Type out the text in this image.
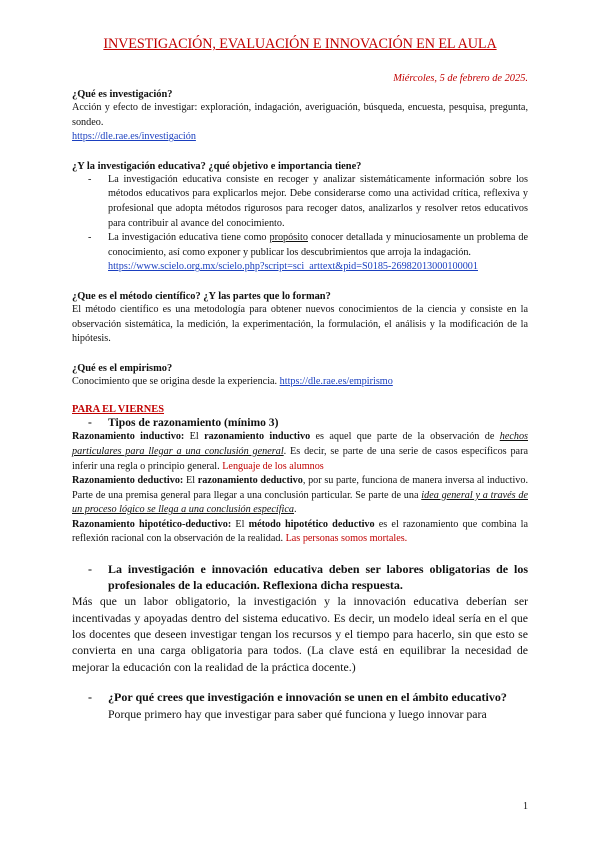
INVESTIGACIÓN, EVALUACIÓN E INNOVACIÓN EN EL AULA
Miércoles, 5 de febrero de 2025.
¿Qué es investigación?

Acción y efecto de investigar: exploración, indagación, averiguación, búsqueda, encuesta, pesquisa, pregunta, sondeo.

https://dle.rae.es/investigación

¿Y la investigación educativa? ¿qué objetivo e importancia tiene?
- La investigación educativa consiste en recoger y analizar sistemáticamente información sobre los métodos educativos para explicarlos mejor. Debe considerarse como una actividad crítica, reflexiva y profesional que adopta métodos rigurosos para recoger datos, analizarlos y resolver retos educativos para contribuir al avance del conocimiento.
- La investigación educativa tiene como propósito conocer detallada y minuciosamente un problema de conocimiento, así como exponer y publicar los descubrimientos que arroja la indagación.
https://www.scielo.org.mx/scielo.php?script=sci_arttext&pid=S0185-26982013000100001
¿Que es el método científico? ¿Y las partes que lo forman?

El método científico es una metodología para obtener nuevos conocimientos de la ciencia y consiste en la observación sistemática, la medición, la experimentación, la formulación, el análisis y la modificación de la hipótesis.

¿Qué es el empirismo?

Conocimiento que se origina desde la experiencia. https://dle.rae.es/empirismo

PARA EL VIERNES
- Tipos de razonamiento (mínimo 3)

Razonamiento inductivo: El razonamiento inductivo es aquel que parte de la observación de hechos particulares para llegar a una conclusión general. Es decir, se parte de una serie de casos específicos para inferir una regla o principio general. Lenguaje de los alumnos

Razonamiento deductivo: El razonamiento deductivo, por su parte, funciona de manera inversa al inductivo. Parte de una premisa general para llegar a una conclusión particular. Se parte de una idea general y a través de un proceso lógico se llega a una conclusión específica.

Razonamiento hipotético-deductivo: El método hipotético deductivo es el razonamiento que combina la reflexión racional con la observación de la realidad. Las personas somos mortales.

- La investigación e innovación educativa deben ser labores obligatorias de los profesionales de la educación. Reflexiona dicha respuesta.

Más que un labor obligatorio, la investigación y la innovación educativa deberían ser incentivadas y apoyadas dentro del sistema educativo. Es decir, un modelo ideal sería en el que los docentes que deseen investigar tengan los recursos y el tiempo para hacerlo, sin que esto se convierta en una carga obligatoria para todos. (La clave está en equilibrar la necesidad de mejorar la educación con la realidad de la práctica docente.)

- ¿Por qué crees que investigación e innovación se unen en el ámbito educativo?

Porque primero hay que investigar para saber qué funciona y luego innovar para

1
